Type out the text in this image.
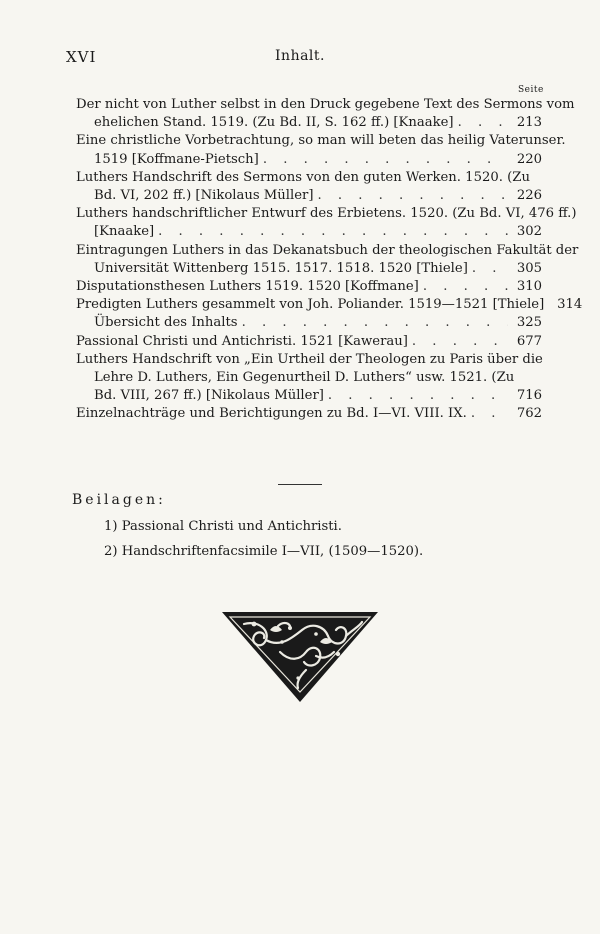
XVI	Inhalt.
Seite
Der nicht von Luther selbst in den Druck gegebene Text des Sermons vom
ehelichen Stand. 1519. (Zu Bd. II, S. 162 ff.) [Knaake] . . .	213
Eine christliche Vorbetrachtung, so man will beten das heilig Vaterunser.
1519 [Koffmane-Pietsch] . . .	220
Luthers Handschrift des Sermons von den guten Werken. 1520. (Zu
Bd. VI, 202 ff.) [Nikolaus Müller] . . .	226
Luthers handschriftlicher Entwurf des Erbietens. 1520. (Zu Bd. VI, 476 ff.)
[Knaake] . . .	302
Eintragungen Luthers in das Dekanatsbuch der theologischen Fakultät der
Universität Wittenberg 1515. 1517. 1518. 1520 [Thiele] . . .	305
Disputationsthesen Luthers 1519. 1520 [Koffmane] . . .	310
Predigten Luthers gesammelt von Joh. Poliander. 1519—1521 [Thiele] 314
Übersicht des Inhalts . . .	325
Passional Christi und Antichristi. 1521 [Kawerau] . . .	677
Luthers Handschrift von „Ein Urtheil der Theologen zu Paris über die
Lehre D. Luthers, Ein Gegenurtheil D. Luthers“ usw. 1521. (Zu
Bd. VIII, 267 ff.) [Nikolaus Müller] . . .	716
Einzelnachträge und Berichtigungen zu Bd. I—VI. VIII. IX. . . .	762
Beilagen:
1) Passional Christi und Antichristi.
2) Handschriftenfacsimile I—VII, (1509—1520).
